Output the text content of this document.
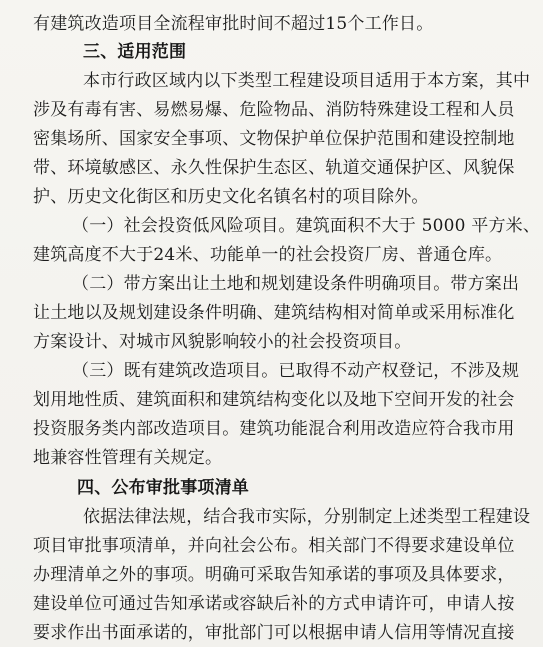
有建筑改造项目全流程审批时间不超过15个工作日。
三、适用范围
本市行政区域内以下类型工程建设项目适用于本方案，其中
涉及有毒有害、易燃易爆、危险物品、消防特殊建设工程和人员
密集场所、国家安全事项、文物保护单位保护范围和建设控制地
带、环境敏感区、永久性保护生态区、轨道交通保护区、风貌保
护、历史文化街区和历史文化名镇名村的项目除外。
（一）社会投资低风险项目。建筑面积不大于 5000 平方米、
建筑高度不大于24米、功能单一的社会投资厂房、普通仓库。
（二）带方案出让土地和规划建设条件明确项目。带方案出
让土地以及规划建设条件明确、建筑结构相对简单或采用标准化
方案设计、对城市风貌影响较小的社会投资项目。
（三）既有建筑改造项目。已取得不动产权登记，不涉及规
划用地性质、建筑面积和建筑结构变化以及地下空间开发的社会
投资服务类内部改造项目。建筑功能混合利用改造应符合我市用
地兼容性管理有关规定。
四、公布审批事项清单
依据法律法规，结合我市实际，分别制定上述类型工程建设
项目审批事项清单，并向社会公布。相关部门不得要求建设单位
办理清单之外的事项。明确可采取告知承诺的事项及具体要求，
建设单位可通过告知承诺或容缺后补的方式申请许可，申请人按
要求作出书面承诺的，审批部门可以根据申请人信用等情况直接
